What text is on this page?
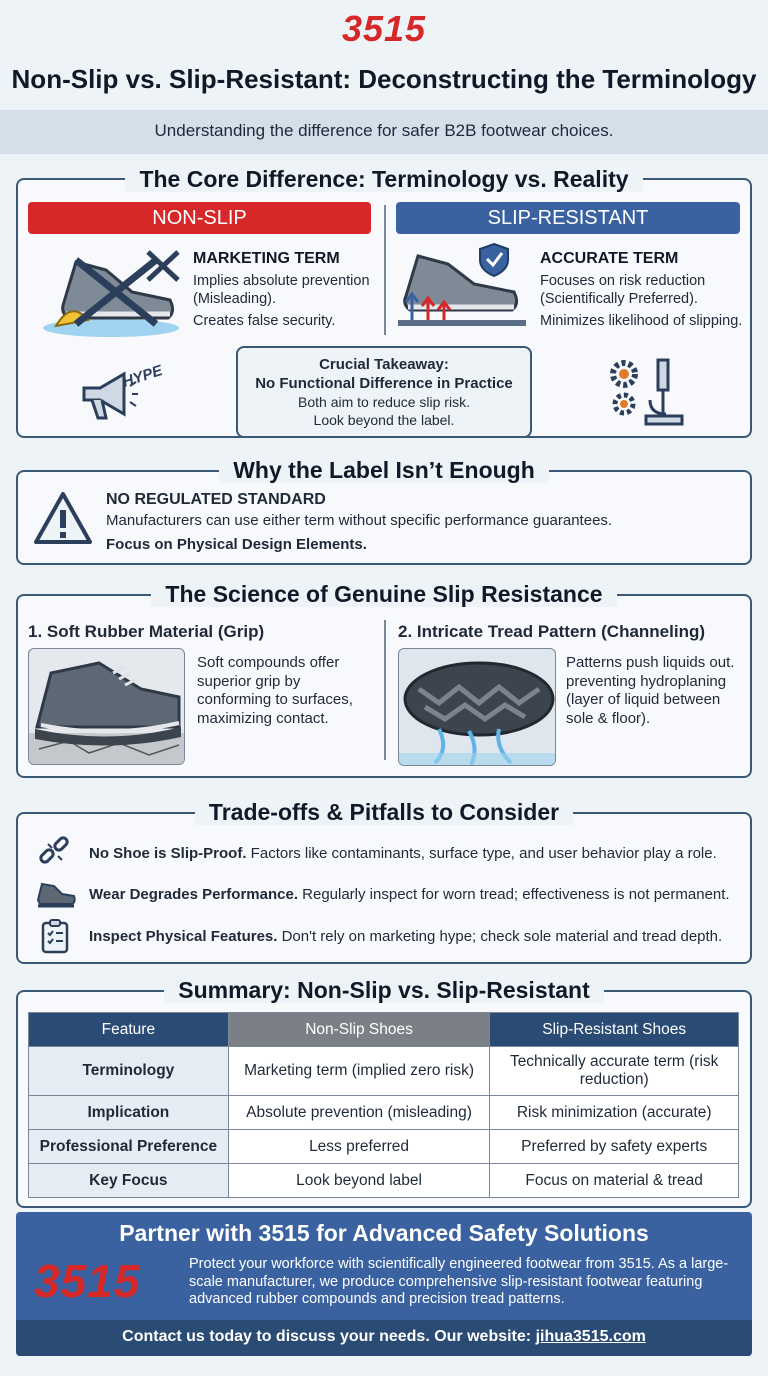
3515
Non-Slip vs. Slip-Resistant: Deconstructing the Terminology
Understanding the difference for safer B2B footwear choices.
The Core Difference: Terminology vs. Reality
NON-SLIP	SLIP-RESISTANT
MARKETING TERM
Implies absolute prevention (Misleading).
Creates false security.
ACCURATE TERM
Focuses on risk reduction (Scientifically Preferred).
Minimizes likelihood of slipping.
HYPE	Crucial Takeaway:
No Functional Difference in Practice
Both aim to reduce slip risk.
Look beyond the label.
Why the Label Isn’t Enough
NO REGULATED STANDARD
Manufacturers can use either term without specific performance guarantees.
Focus on Physical Design Elements.
The Science of Genuine Slip Resistance
1. Soft Rubber Material (Grip)
Soft compounds offer superior grip by conforming to surfaces, maximizing contact.
2. Intricate Tread Pattern (Channeling)
Patterns push liquids out. preventing hydroplaning (layer of liquid between sole & floor).
Trade-offs & Pitfalls to Consider
No Shoe is Slip-Proof. Factors like contaminants, surface type, and user behavior play a role.
Wear Degrades Performance. Regularly inspect for worn tread; effectiveness is not permanent.
Inspect Physical Features. Don't rely on marketing hype; check sole material and tread depth.
Summary: Non-Slip vs. Slip-Resistant
Feature	Non-Slip Shoes	Slip-Resistant Shoes
Terminology	Marketing term (implied zero risk)	Technically accurate term (risk reduction)
Implication	Absolute prevention (misleading)	Risk minimization (accurate)
Professional Preference	Less preferred	Preferred by safety experts
Key Focus	Look beyond label	Focus on material & tread
Partner with 3515 for Advanced Safety Solutions
3515	Protect your workforce with scientifically engineered footwear from 3515. As a large-scale manufacturer, we produce comprehensive slip-resistant footwear featuring advanced rubber compounds and precision tread patterns.
Contact us today to discuss your needs. Our website: jihua3515.com
